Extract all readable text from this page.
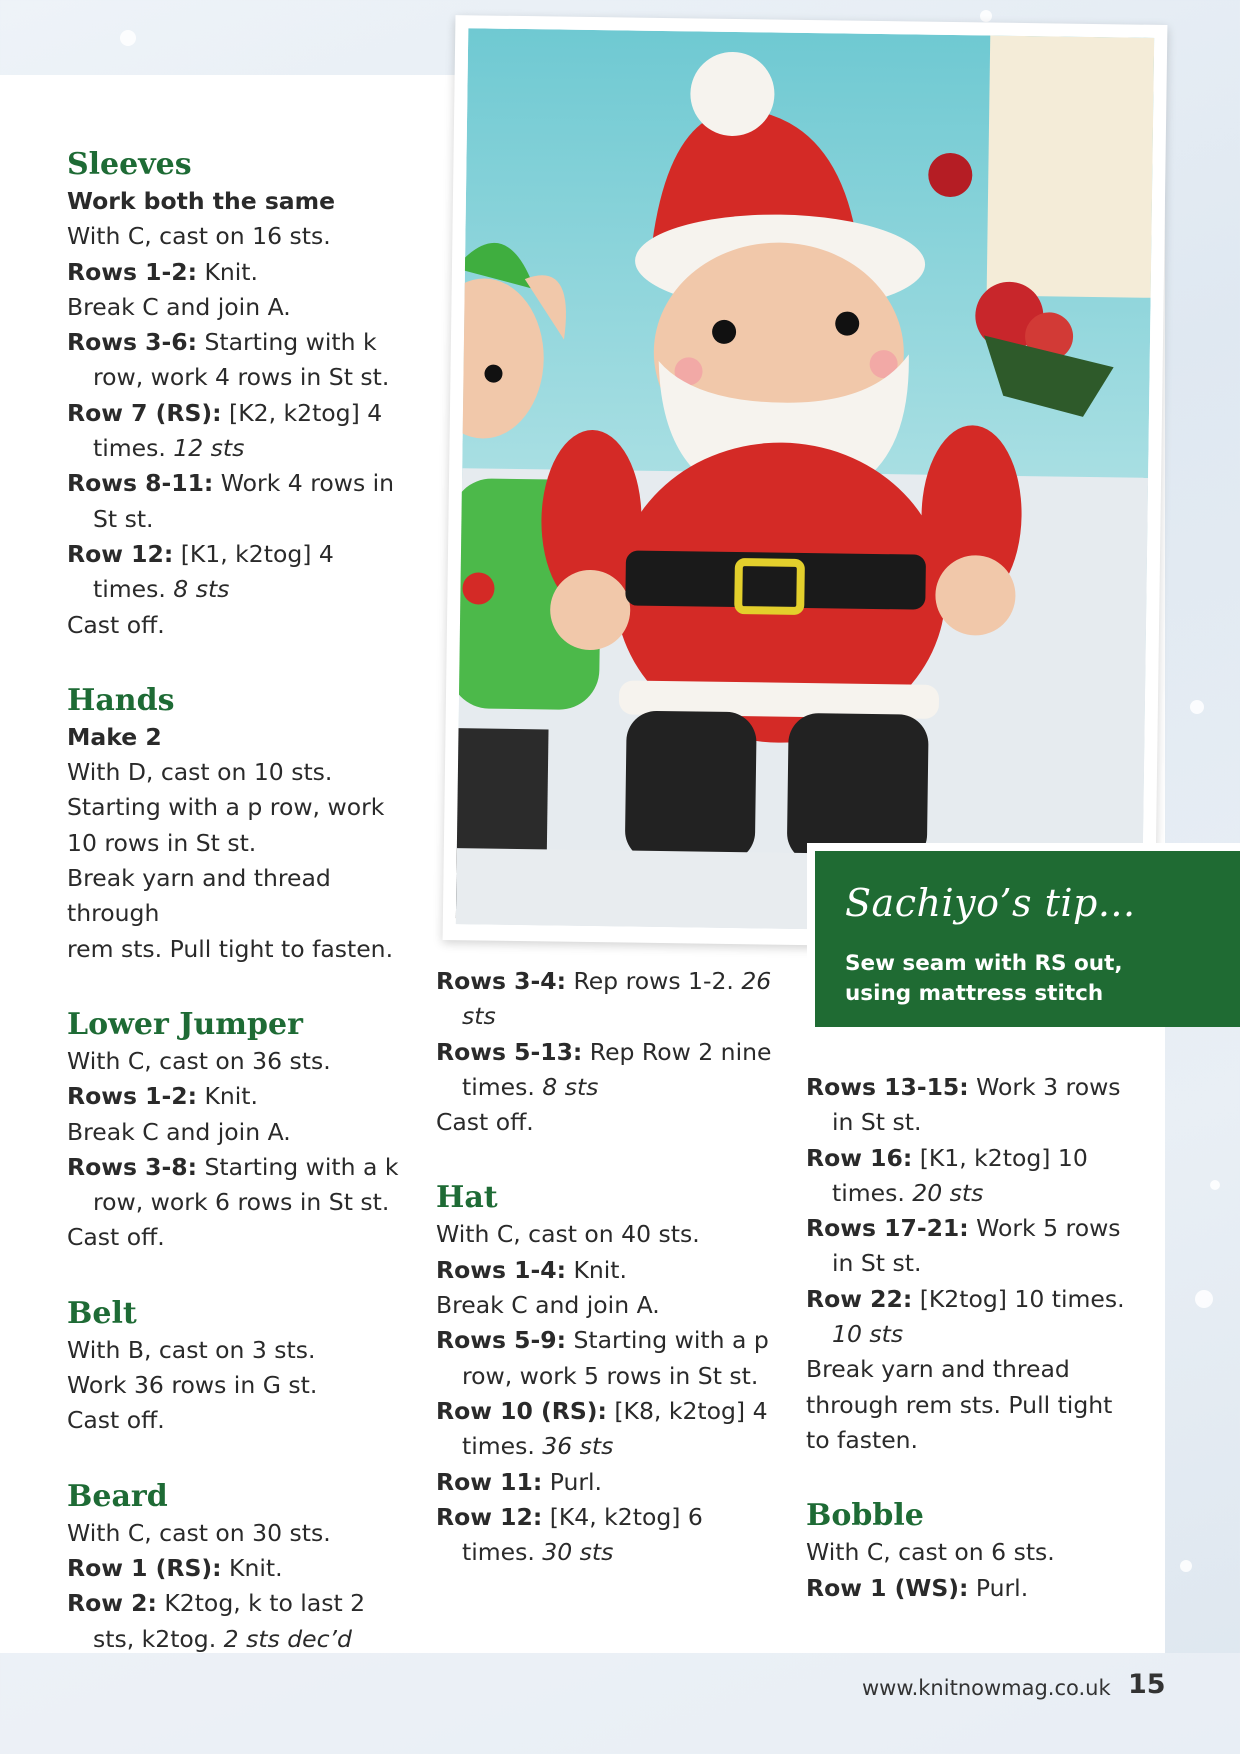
Sleeves
Work both the same
With C, cast on 16 sts.
Rows 1-2: Knit.
Break C and join A.
Rows 3-6: Starting with k row, work 4 rows in St st.
Row 7 (RS): [K2, k2tog] 4 times. 12 sts
Rows 8-11: Work 4 rows in St st.
Row 12: [K1, k2tog] 4 times. 8 sts
Cast off.
Hands
Make 2
With D, cast on 10 sts.
Starting with a p row, work
10 rows in St st.
Break yarn and thread through
rem sts. Pull tight to fasten.
Lower Jumper
With C, cast on 36 sts.
Rows 1-2: Knit.
Break C and join A.
Rows 3-8: Starting with a k row, work 6 rows in St st.
Cast off.
Belt
With B, cast on 3 sts.
Work 36 rows in G st.
Cast off.
Beard
With C, cast on 30 sts.
Row 1 (RS): Knit.
Row 2: K2tog, k to last 2 sts, k2tog. 2 sts dec’d
Rows 3-4: Rep rows 1-2. 26 sts
Rows 5-13: Rep Row 2 nine times. 8 sts
Cast off.
Hat
With C, cast on 40 sts.
Rows 1-4: Knit.
Break C and join A.
Rows 5-9: Starting with a p row, work 5 rows in St st.
Row 10 (RS): [K8, k2tog] 4 times. 36 sts
Row 11: Purl.
Row 12: [K4, k2tog] 6 times. 30 sts
Rows 13-15: Work 3 rows in St st.
Row 16: [K1, k2tog] 10 times. 20 sts
Rows 17-21: Work 5 rows in St st.
Row 22: [K2tog] 10 times. 10 sts
Break yarn and thread
through rem sts. Pull tight
to fasten.
Bobble
With C, cast on 6 sts.
Row 1 (WS): Purl.
Sachiyo’s tip...
Sew seam with RS out,
using mattress stitch
www.knitnowmag.co.uk 15
